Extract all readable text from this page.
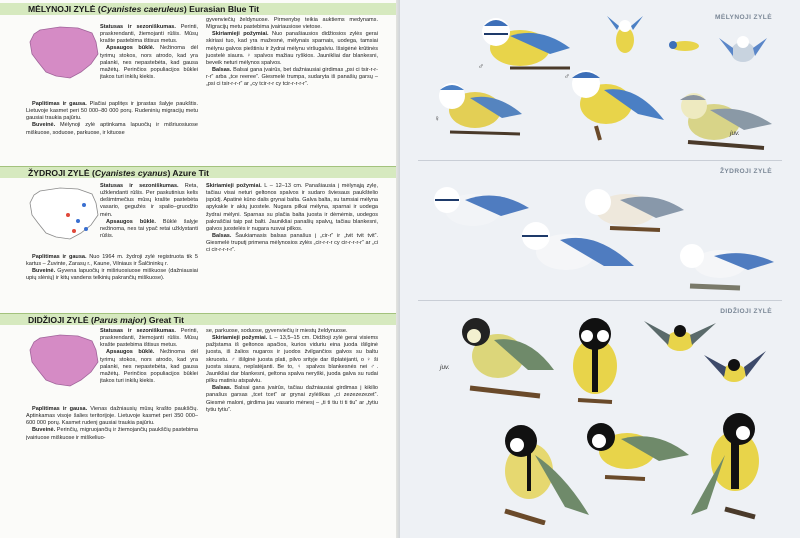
MĖLYNOJI ZYLĖ (Cyanistes caeruleus) Eurasian Blue Tit

Statusas ir sezoniškumas. Perinti, praskrendanti, žiemojanti rūšis. Mūsų krašte pastebima ištisus metus.

Apsaugos būklė. Nežinoma dėl tyrimų stokos, nors atrodo, kad yra palanki, nes nepastebėta, kad gausa mažėtų. Perinčios populiacijos būklei įtakos turi inkilų kiekis.

Paplitimas ir gausa. Plačiai paplitęs ir įprastas šalyje paukštis. Lietuvoje kasmet peri 50 000–80 000 porų. Rudeninių migracijų metu gausiai traukia pajūriu.

Buveinė. Mėlynoji zylė aptinkama lapuočių ir mišriuosiuose miškuose, soduose, parkuose, ir kituose

gyvenviečių želdynuose. Pirmenybę teikia auktiems medynams. Migracijų metu pastebima įvairiausiose vietose.

Skiriamieji požymiai. Nuo panašiausios didžiosios zylės gerai skiriasi tuo, kad yra mažesnė, mėlynais sparnais, uodega, tamsiai mėlynu galvos pieštiniu ir žydrai mėlynu viršugalviu. Išsigėnė krūtinės juostelė siaura. ♀ spalvos mažiau ryškios. Jaunikliai dar blankesni, beveik neturi mėlynos spalvos.

Balsas. Balsai gana įvairūs, bet dažniausiai girdimas „psi ci tsir-r-r-r-r“ arba „tce reeree“. Giesmelė trumpa, sudaryta iš panašių garsų – „psi ci tsir-r-r-r“ ar „cy tcir-r-r cy tcir-r-r-r-r“.

ŽYDROJI ZYLĖ (Cyanistes cyanus) Azure Tit

Statusas ir sezoniškumas. Reta, užklendanti rūšis. Per paskutinius kelis dešimtmečius mūsų krašte pastebėta vasario, gegužės ir spalio–gruodžio mėn.

Apsaugos būklė. Būklė šalyje nežinoma, nes tai ypač retai užklystanti rūšis.

Paplitimas ir gausa. Nuo 1964 m. žydroji zylė registruota tik 5 kartus – Žuvinte, Zarasų r., Kaune, Vilniaus ir Šalčininkų r.

Buveinė. Gyvena lapuočių ir mišriuosiuose miškuose (dažniausiai upių slėnių) ir kitų vandens telkinių pakrančių miškuose).

Skiriamieji požymiai. L – 12–13 cm. Panašiausia į mėlynąją zylę, tačiau visai neturi geltonos spalvos ir sudaro šviesaus paukštelio įspūdį. Apatinė kūno dalis grynai balta. Galva balta, su tamsiai mėlyna apykakle ir akių juostele. Nugara pilkai mėlyna, sparnai ir uodega žydrai mėlyni. Sparnas su plačia balta juosta ir dėmėmis, uodegos pakraščiai taip pat balti. Jaunikliai panašių spalvų, tačiau blankesni, galvos juostelės ir nugara rusvai pilkos.

Balsas. Šaukiamasis balsas panašus į „cir-r“ ir „tvit tvit tvit“. Giesmelė truputį primena mėlynosios zylės „cir-r-r-r cy cir-r-r-r-r“ ar „ci ci cir-r-r-r-r“.

DIDŽIOJI ZYLĖ (Parus major) Great Tit

Statusas ir sezoniškumas. Perinti, praskrendanti, žiemojanti rūšis. Mūsų krašte pastebima ištisus metus.

Apsaugos būklė. Nežinoma dėl tyrimų stokos, nors atrodo, kad yra palanki, nes nepastebėta, kad gausa mažėtų. Perinčios populiacijos būklei įtakos turi inkilų kiekis.

Paplitimas ir gausa. Vienas dažniausių mūsų krašto paukščių. Aptinkamas visoje šalies teritorijoje. Lietuvoje kasmet peri 350 000–600 000 porų. Kasmet rudenį gausiai traukia pajūriu.

Buveinė. Perinčių, migruojančių ir žiemojančių paukščių pastebima įvairiuose miškuose ir miškeliuo-

se, parkuose, soduose, gyvenviečių ir miestų želdynuose.

Skiriamieji požymiai. L – 13,5–15 cm. Didžioji zylė gerai visiems pažįstama iš geltonos apačios, kurios viduriu eina juoda išilginė juosta, iš žalios nugaros ir juodos žvilgančios galvos su baltu skruostu. ♂ išilginė juosta plati, pilvo srityje dar išplatėjanti, o ♀ ši juosta siaura, neplatėjanti. Be to, ♀ spalvos blankesnės nei ♂. Jaunikliai dar blankesni, geltona spalva neryški, juoda galva su rudai pilku matiniu atspalviu.

Balsas. Balsai gana įvairūs, tačiau dažniausiai girdimas į kikilio panašus garsas „tcet tcet“ ar grynai zylėškas „ci zezezezezet“. Giesmė maloni, girdima jau vasario mėnesį – „ti ti tiu ti ti tiu“ ar „tytiu tytiu tytiu“.

MĖLYNOJI ZYLĖ
ŽYDROJI ZYLĖ
DIDŽIOJI ZYLĖ
♂
♀
♂
juv.
juv.
